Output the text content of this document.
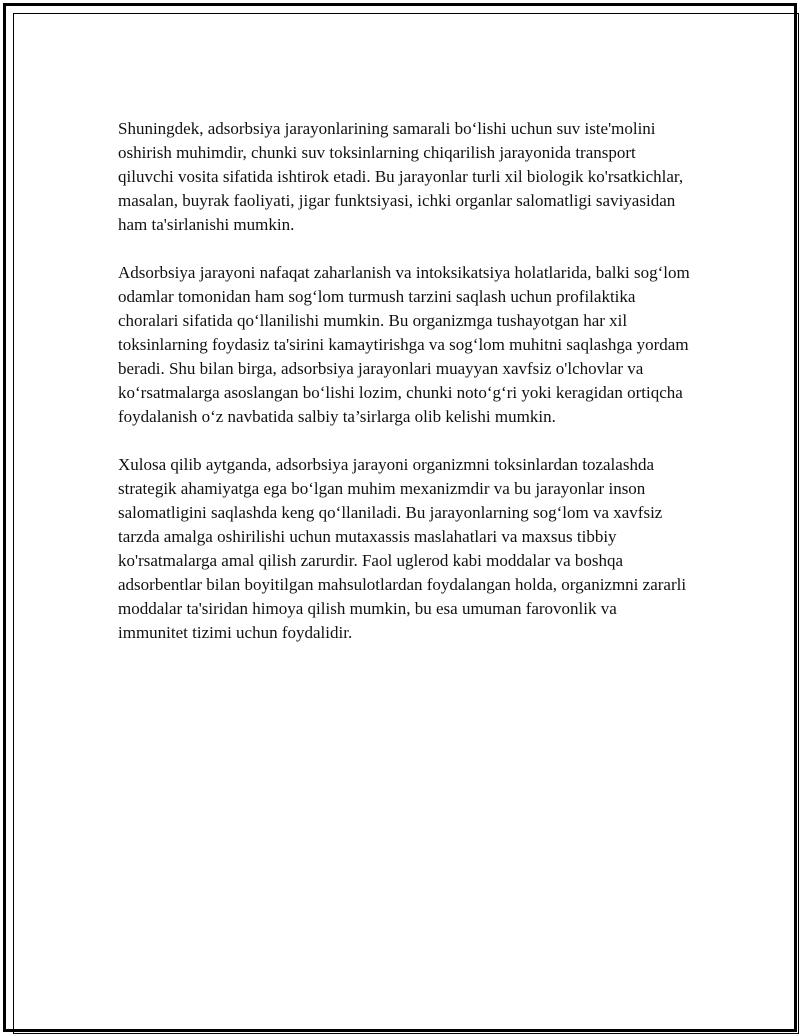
Shuningdek, adsorbsiya jarayonlarining samarali bo‘lishi uchun suv iste'molini oshirish muhimdir, chunki suv toksinlarning chiqarilish jarayonida transport qiluvchi vosita sifatida ishtirok etadi. Bu jarayonlar turli xil biologik ko'rsatkichlar, masalan, buyrak faoliyati, jigar funktsiyasi, ichki organlar salomatligi saviyasidan ham ta'sirlanishi mumkin.

Adsorbsiya jarayoni nafaqat zaharlanish va intoksikatsiya holatlarida, balki sog‘lom odamlar tomonidan ham sog‘lom turmush tarzini saqlash uchun profilaktika choralari sifatida qo‘llanilishi mumkin. Bu organizmga tushayotgan har xil toksinlarning foydasiz ta'sirini kamaytirishga va sog‘lom muhitni saqlashga yordam beradi. Shu bilan birga, adsorbsiya jarayonlari muayyan xavfsiz o'lchovlar va ko‘rsatmalarga asoslangan bo‘lishi lozim, chunki noto‘g‘ri yoki keragidan ortiqcha foydalanish o‘z navbatida salbiy ta’sirlarga olib kelishi mumkin.

Xulosa qilib aytganda, adsorbsiya jarayoni organizmni toksinlardan tozalashda strategik ahamiyatga ega bo‘lgan muhim mexanizmdir va bu jarayonlar inson salomatligini saqlashda keng qo‘llaniladi. Bu jarayonlarning sog‘lom va xavfsiz tarzda amalga oshirilishi uchun mutaxassis maslahatlari va maxsus tibbiy ko'rsatmalarga amal qilish zarurdir. Faol uglerod kabi moddalar va boshqa adsorbentlar bilan boyitilgan mahsulotlardan foydalangan holda, organizmni zararli moddalar ta'siridan himoya qilish mumkin, bu esa umuman farovonlik va immunitet tizimi uchun foydalidir.
